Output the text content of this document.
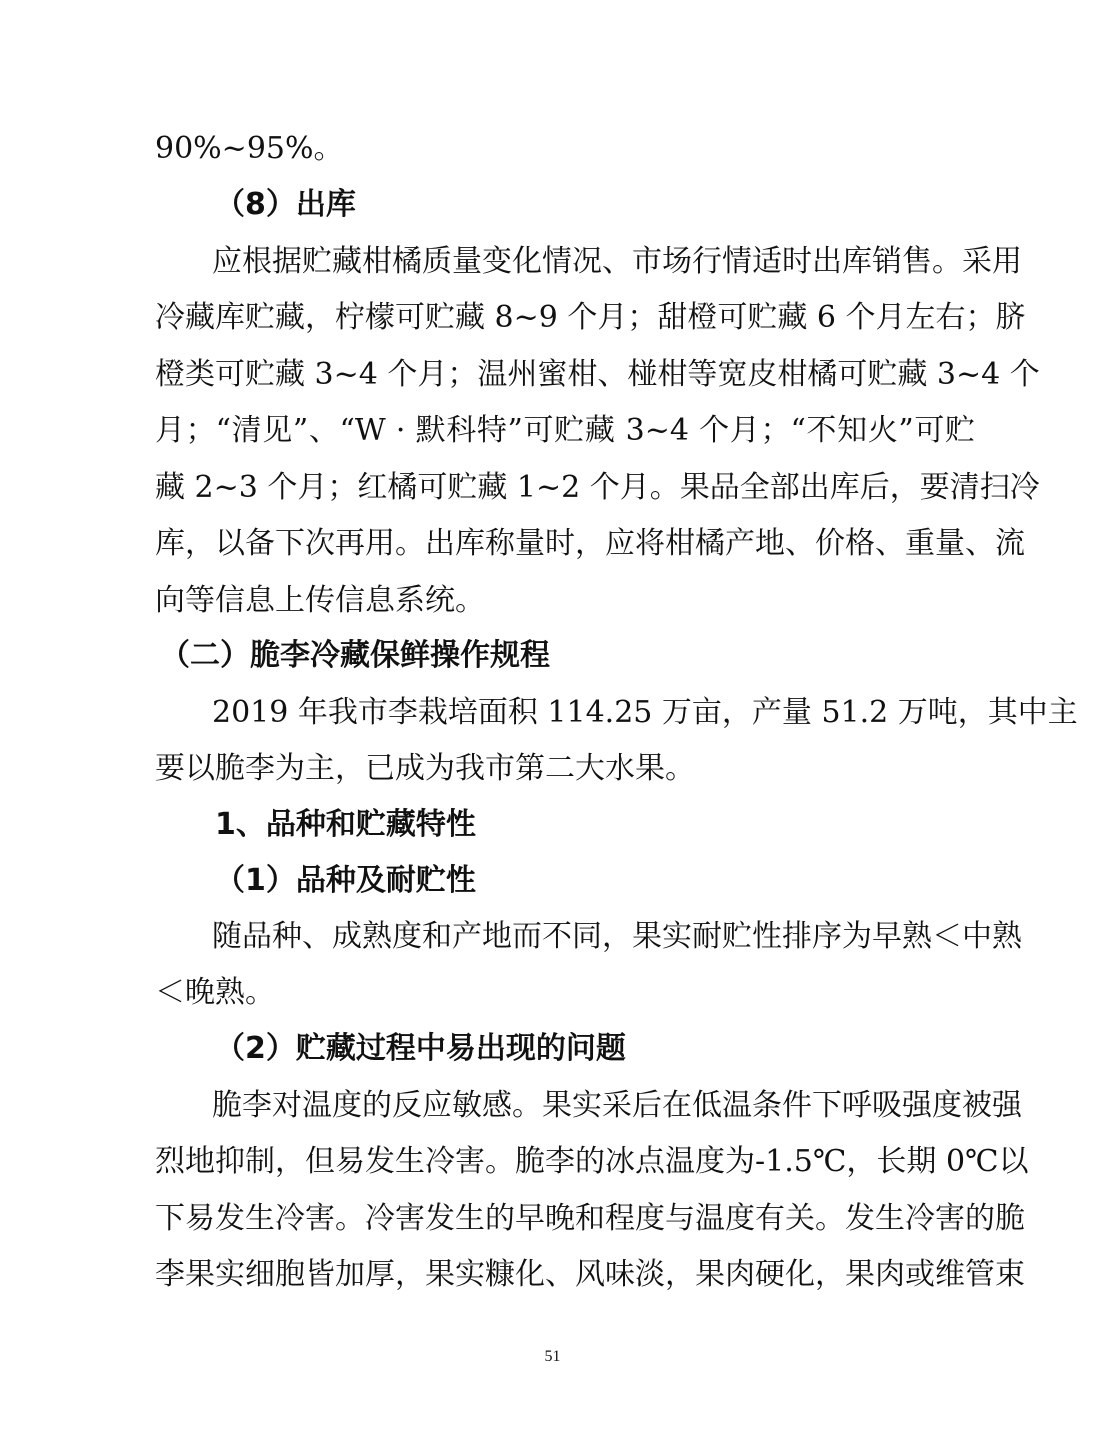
90%~95%。
（8）出库
应根据贮藏柑橘质量变化情况、市场行情适时出库销售。采用
冷藏库贮藏，柠檬可贮藏 8~9 个月；甜橙可贮藏 6 个月左右；脐
橙类可贮藏 3~4 个月；温州蜜柑、椪柑等宽皮柑橘可贮藏 3~4 个
月；“清见”、“W · 默科特”可贮藏 3~4 个月；“不知火”可贮
藏 2~3 个月；红橘可贮藏 1~2 个月。果品全部出库后，要清扫冷
库，以备下次再用。出库称量时，应将柑橘产地、价格、重量、流
向等信息上传信息系统。
（二）脆李冷藏保鲜操作规程
2019 年我市李栽培面积 114.25 万亩，产量 51.2 万吨，其中主
要以脆李为主，已成为我市第二大水果。
1、品种和贮藏特性
（1）品种及耐贮性
随品种、成熟度和产地而不同，果实耐贮性排序为早熟＜中熟
＜晚熟。
（2）贮藏过程中易出现的问题
脆李对温度的反应敏感。果实采后在低温条件下呼吸强度被强
烈地抑制，但易发生冷害。脆李的冰点温度为-1.5℃，长期 0℃以
下易发生冷害。冷害发生的早晚和程度与温度有关。发生冷害的脆
李果实细胞皆加厚，果实糠化、风味淡，果肉硬化，果肉或维管束
51
